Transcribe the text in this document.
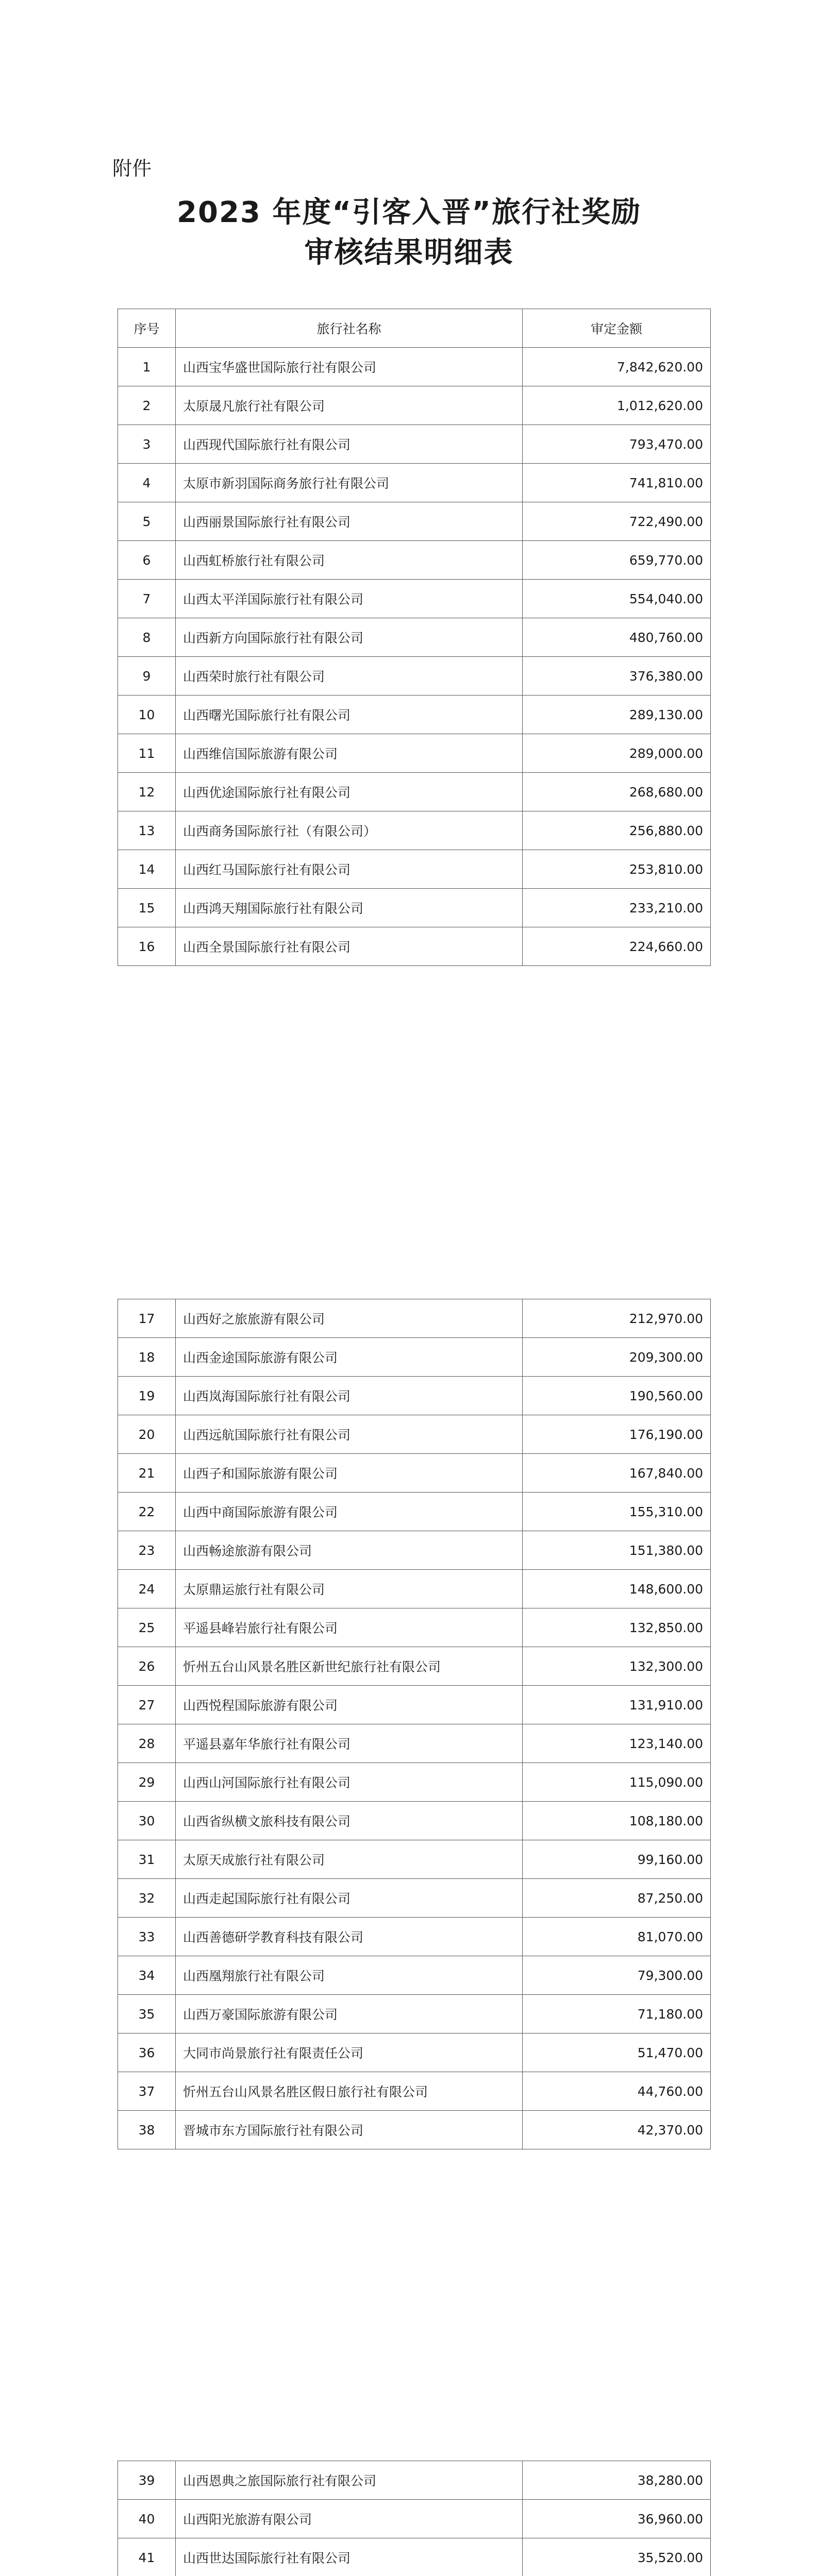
附件
2023 年度“引客入晋”旅行社奖励
审核结果明细表
序号	旅行社名称	审定金额
1	山西宝华盛世国际旅行社有限公司	7,842,620.00
2	太原晟凡旅行社有限公司	1,012,620.00
3	山西现代国际旅行社有限公司	793,470.00
4	太原市新羽国际商务旅行社有限公司	741,810.00
5	山西丽景国际旅行社有限公司	722,490.00
6	山西虹桥旅行社有限公司	659,770.00
7	山西太平洋国际旅行社有限公司	554,040.00
8	山西新方向国际旅行社有限公司	480,760.00
9	山西荣时旅行社有限公司	376,380.00
10	山西曙光国际旅行社有限公司	289,130.00
11	山西维信国际旅游有限公司	289,000.00
12	山西优途国际旅行社有限公司	268,680.00
13	山西商务国际旅行社（有限公司）	256,880.00
14	山西红马国际旅行社有限公司	253,810.00
15	山西鸿天翔国际旅行社有限公司	233,210.00
16	山西全景国际旅行社有限公司	224,660.00
17	山西好之旅旅游有限公司	212,970.00
18	山西金途国际旅游有限公司	209,300.00
19	山西岚海国际旅行社有限公司	190,560.00
20	山西远航国际旅行社有限公司	176,190.00
21	山西子和国际旅游有限公司	167,840.00
22	山西中商国际旅游有限公司	155,310.00
23	山西畅途旅游有限公司	151,380.00
24	太原鼎运旅行社有限公司	148,600.00
25	平遥县峰岩旅行社有限公司	132,850.00
26	忻州五台山风景名胜区新世纪旅行社有限公司	132,300.00
27	山西悦程国际旅游有限公司	131,910.00
28	平遥县嘉年华旅行社有限公司	123,140.00
29	山西山河国际旅行社有限公司	115,090.00
30	山西省纵横文旅科技有限公司	108,180.00
31	太原天成旅行社有限公司	99,160.00
32	山西走起国际旅行社有限公司	87,250.00
33	山西善德研学教育科技有限公司	81,070.00
34	山西凰翔旅行社有限公司	79,300.00
35	山西万豪国际旅游有限公司	71,180.00
36	大同市尚景旅行社有限责任公司	51,470.00
37	忻州五台山风景名胜区假日旅行社有限公司	44,760.00
38	晋城市东方国际旅行社有限公司	42,370.00
39	山西恩典之旅国际旅行社有限公司	38,280.00
40	山西阳光旅游有限公司	36,960.00
41	山西世达国际旅行社有限公司	35,520.00
